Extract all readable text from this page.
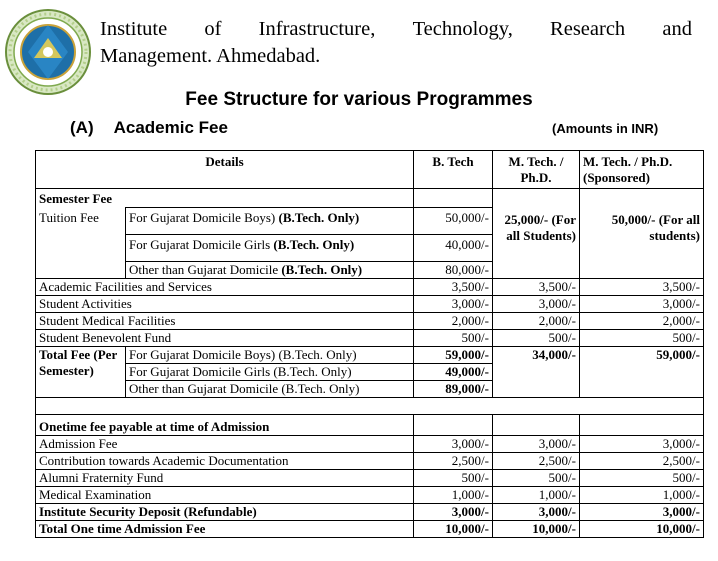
Institute of Infrastructure, Technology, Research and
Management. Ahmedabad.
Fee Structure for various Programmes
(A) Academic Fee	(Amounts in INR)
Details		B. Tech	M. Tech. / Ph.D.	M. Tech. / Ph.D. (Sponsored)
Semester Fee				
Tuition Fee	For Gujarat Domicile Boys) (B.Tech. Only)	50,000/-	25,000/- (For all Students)	50,000/- (For all students)
	For Gujarat Domicile Girls (B.Tech. Only)	40,000/-		
	Other than Gujarat Domicile (B.Tech. Only)	80,000/-		
Academic Facilities and Services		3,500/-	3,500/-	3,500/-
Student Activities		3,000/-	3,000/-	3,000/-
Student Medical Facilities		2,000/-	2,000/-	2,000/-
Student Benevolent Fund		500/-	500/-	500/-
Total Fee (Per Semester)	For Gujarat Domicile Boys) (B.Tech. Only)	59,000/-	34,000/-	59,000/-
	For Gujarat Domicile Girls (B.Tech. Only)	49,000/-		
	Other than Gujarat Domicile (B.Tech. Only)	89,000/-		

Onetime fee payable at time of Admission				
Admission Fee		3,000/-	3,000/-	3,000/-
Contribution towards Academic Documentation		2,500/-	2,500/-	2,500/-
Alumni Fraternity Fund		500/-	500/-	500/-
Medical Examination		1,000/-	1,000/-	1,000/-
Institute Security Deposit (Refundable)		3,000/-	3,000/-	3,000/-
Total One time Admission Fee		10,000/-	10,000/-	10,000/-
